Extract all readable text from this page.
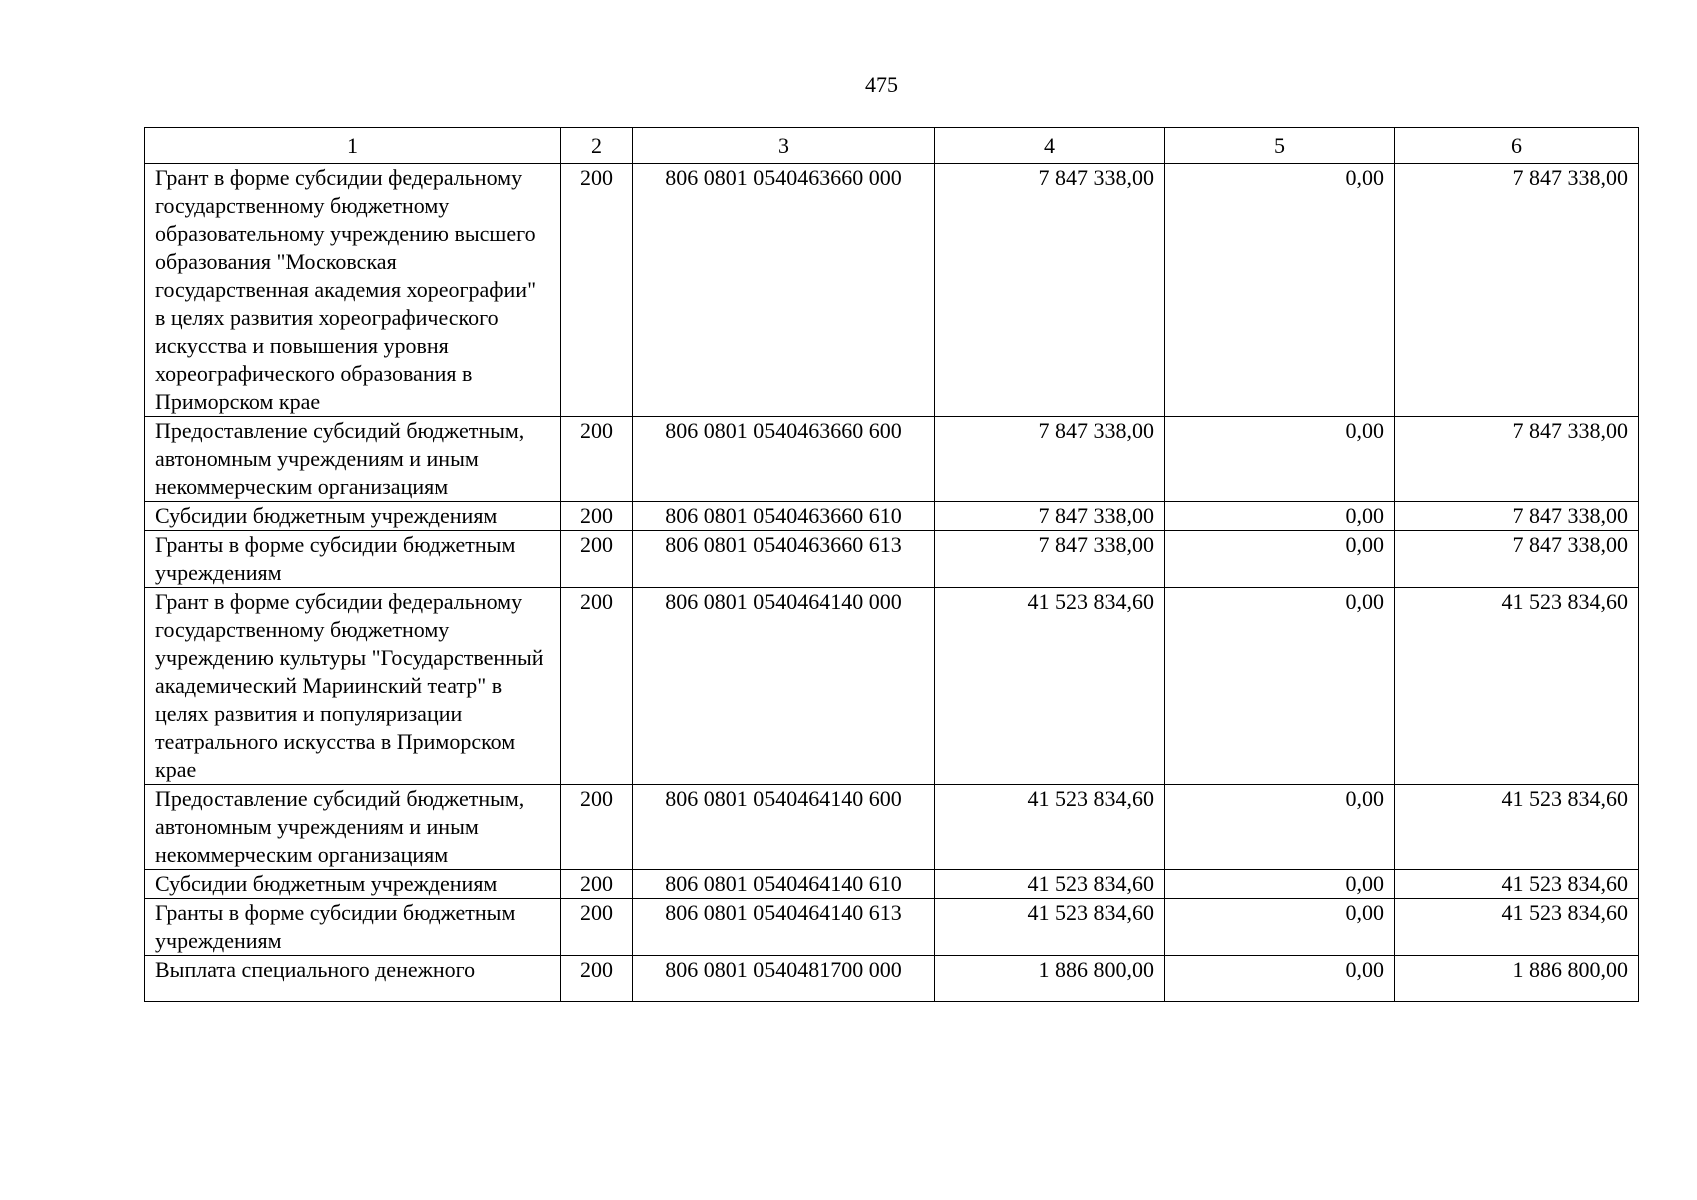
475
1	2	3	4	5	6
Грант в форме субсидии федеральному государственному бюджетному образовательному учреждению высшего образования "Московская государственная академия хореографии" в целях развития хореографического искусства и повышения уровня хореографического образования в Приморском крае	200	806 0801 0540463660 000	7 847 338,00	0,00	7 847 338,00
Предоставление субсидий бюджетным, автономным учреждениям и иным некоммерческим организациям	200	806 0801 0540463660 600	7 847 338,00	0,00	7 847 338,00
Субсидии бюджетным учреждениям	200	806 0801 0540463660 610	7 847 338,00	0,00	7 847 338,00
Гранты в форме субсидии бюджетным учреждениям	200	806 0801 0540463660 613	7 847 338,00	0,00	7 847 338,00
Грант в форме субсидии федеральному государственному бюджетному учреждению культуры "Государственный академический Мариинский театр" в целях развития и популяризации театрального искусства в Приморском крае	200	806 0801 0540464140 000	41 523 834,60	0,00	41 523 834,60
Предоставление субсидий бюджетным, автономным учреждениям и иным некоммерческим организациям	200	806 0801 0540464140 600	41 523 834,60	0,00	41 523 834,60
Субсидии бюджетным учреждениям	200	806 0801 0540464140 610	41 523 834,60	0,00	41 523 834,60
Гранты в форме субсидии бюджетным учреждениям	200	806 0801 0540464140 613	41 523 834,60	0,00	41 523 834,60
Выплата специального денежного	200	806 0801 0540481700 000	1 886 800,00	0,00	1 886 800,00
